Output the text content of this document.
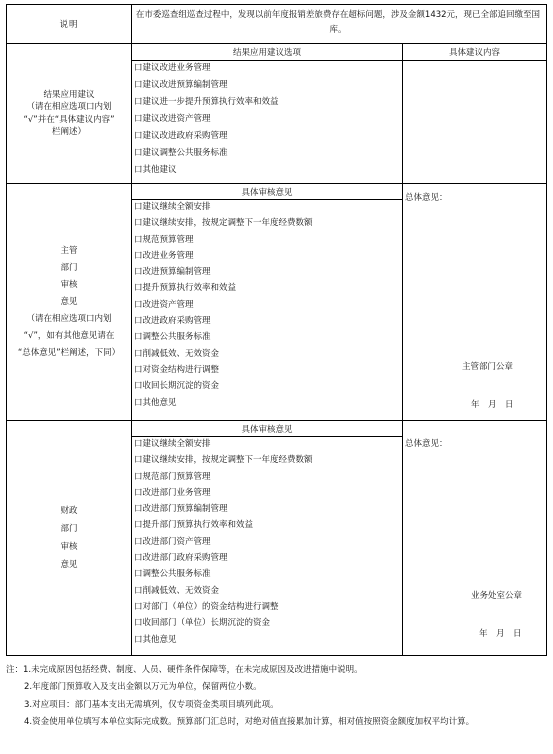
说明
在市委巡查组巡查过程中，发现以前年度报销差旅费存在超标问题，涉及金额1432元，现已全部追回缴至国库。
结果应用建议
（请在相应选项口内划
“√”并在“具体建议内容”
栏阐述）
结果应用建议选项	具体建议内容
口建议改进业务管理
口建议改进预算编制管理
口建议进一步提升预算执行效率和效益
口建议改进资产管理
口建议改进政府采购管理
口建议调整公共服务标准
口其他建议
主管
部门
审核
意见
（请在相应选项口内划
“√”，如有其他意见请在
“总体意见”栏阐述，下同）
具体审核意见
口建议继续全额安排
口建议继续安排，按规定调整下一年度经费数额
口规范预算管理
口改进业务管理
口改进预算编制管理
口提升预算执行效率和效益
口改进资产管理
口改进政府采购管理
口调整公共服务标准
口削减低效、无效资金
口对资金结构进行调整
口收回长期沉淀的资金
口其他意见
总体意见：
主管部门公章
年　月　日
财政
部门
审核
意见
具体审核意见
口建议继续全额安排
口建议继续安排，按规定调整下一年度经费数额
口规范部门预算管理
口改进部门业务管理
口改进部门预算编制管理
口提升部门预算执行效率和效益
口改进部门资产管理
口改进部门政府采购管理
口调整公共服务标准
口削减低效、无效资金
口对部门（单位）的资金结构进行调整
口收回部门（单位）长期沉淀的资金
口其他意见
总体意见：
业务处室公章
年　月　日

注：1.未完成原因包括经费、制度、人员、硬件条件保障等，在未完成原因及改进措施中说明。

2.年度部门预算收入及支出金额以万元为单位，保留两位小数。

3.对应项目：部门基本支出无需填列，仅专项资金类项目填列此项。

4.资金使用单位填写本单位实际完成数。预算部门汇总时，对绝对值直接累加计算，相对值按照资金额度加权平均计算。
